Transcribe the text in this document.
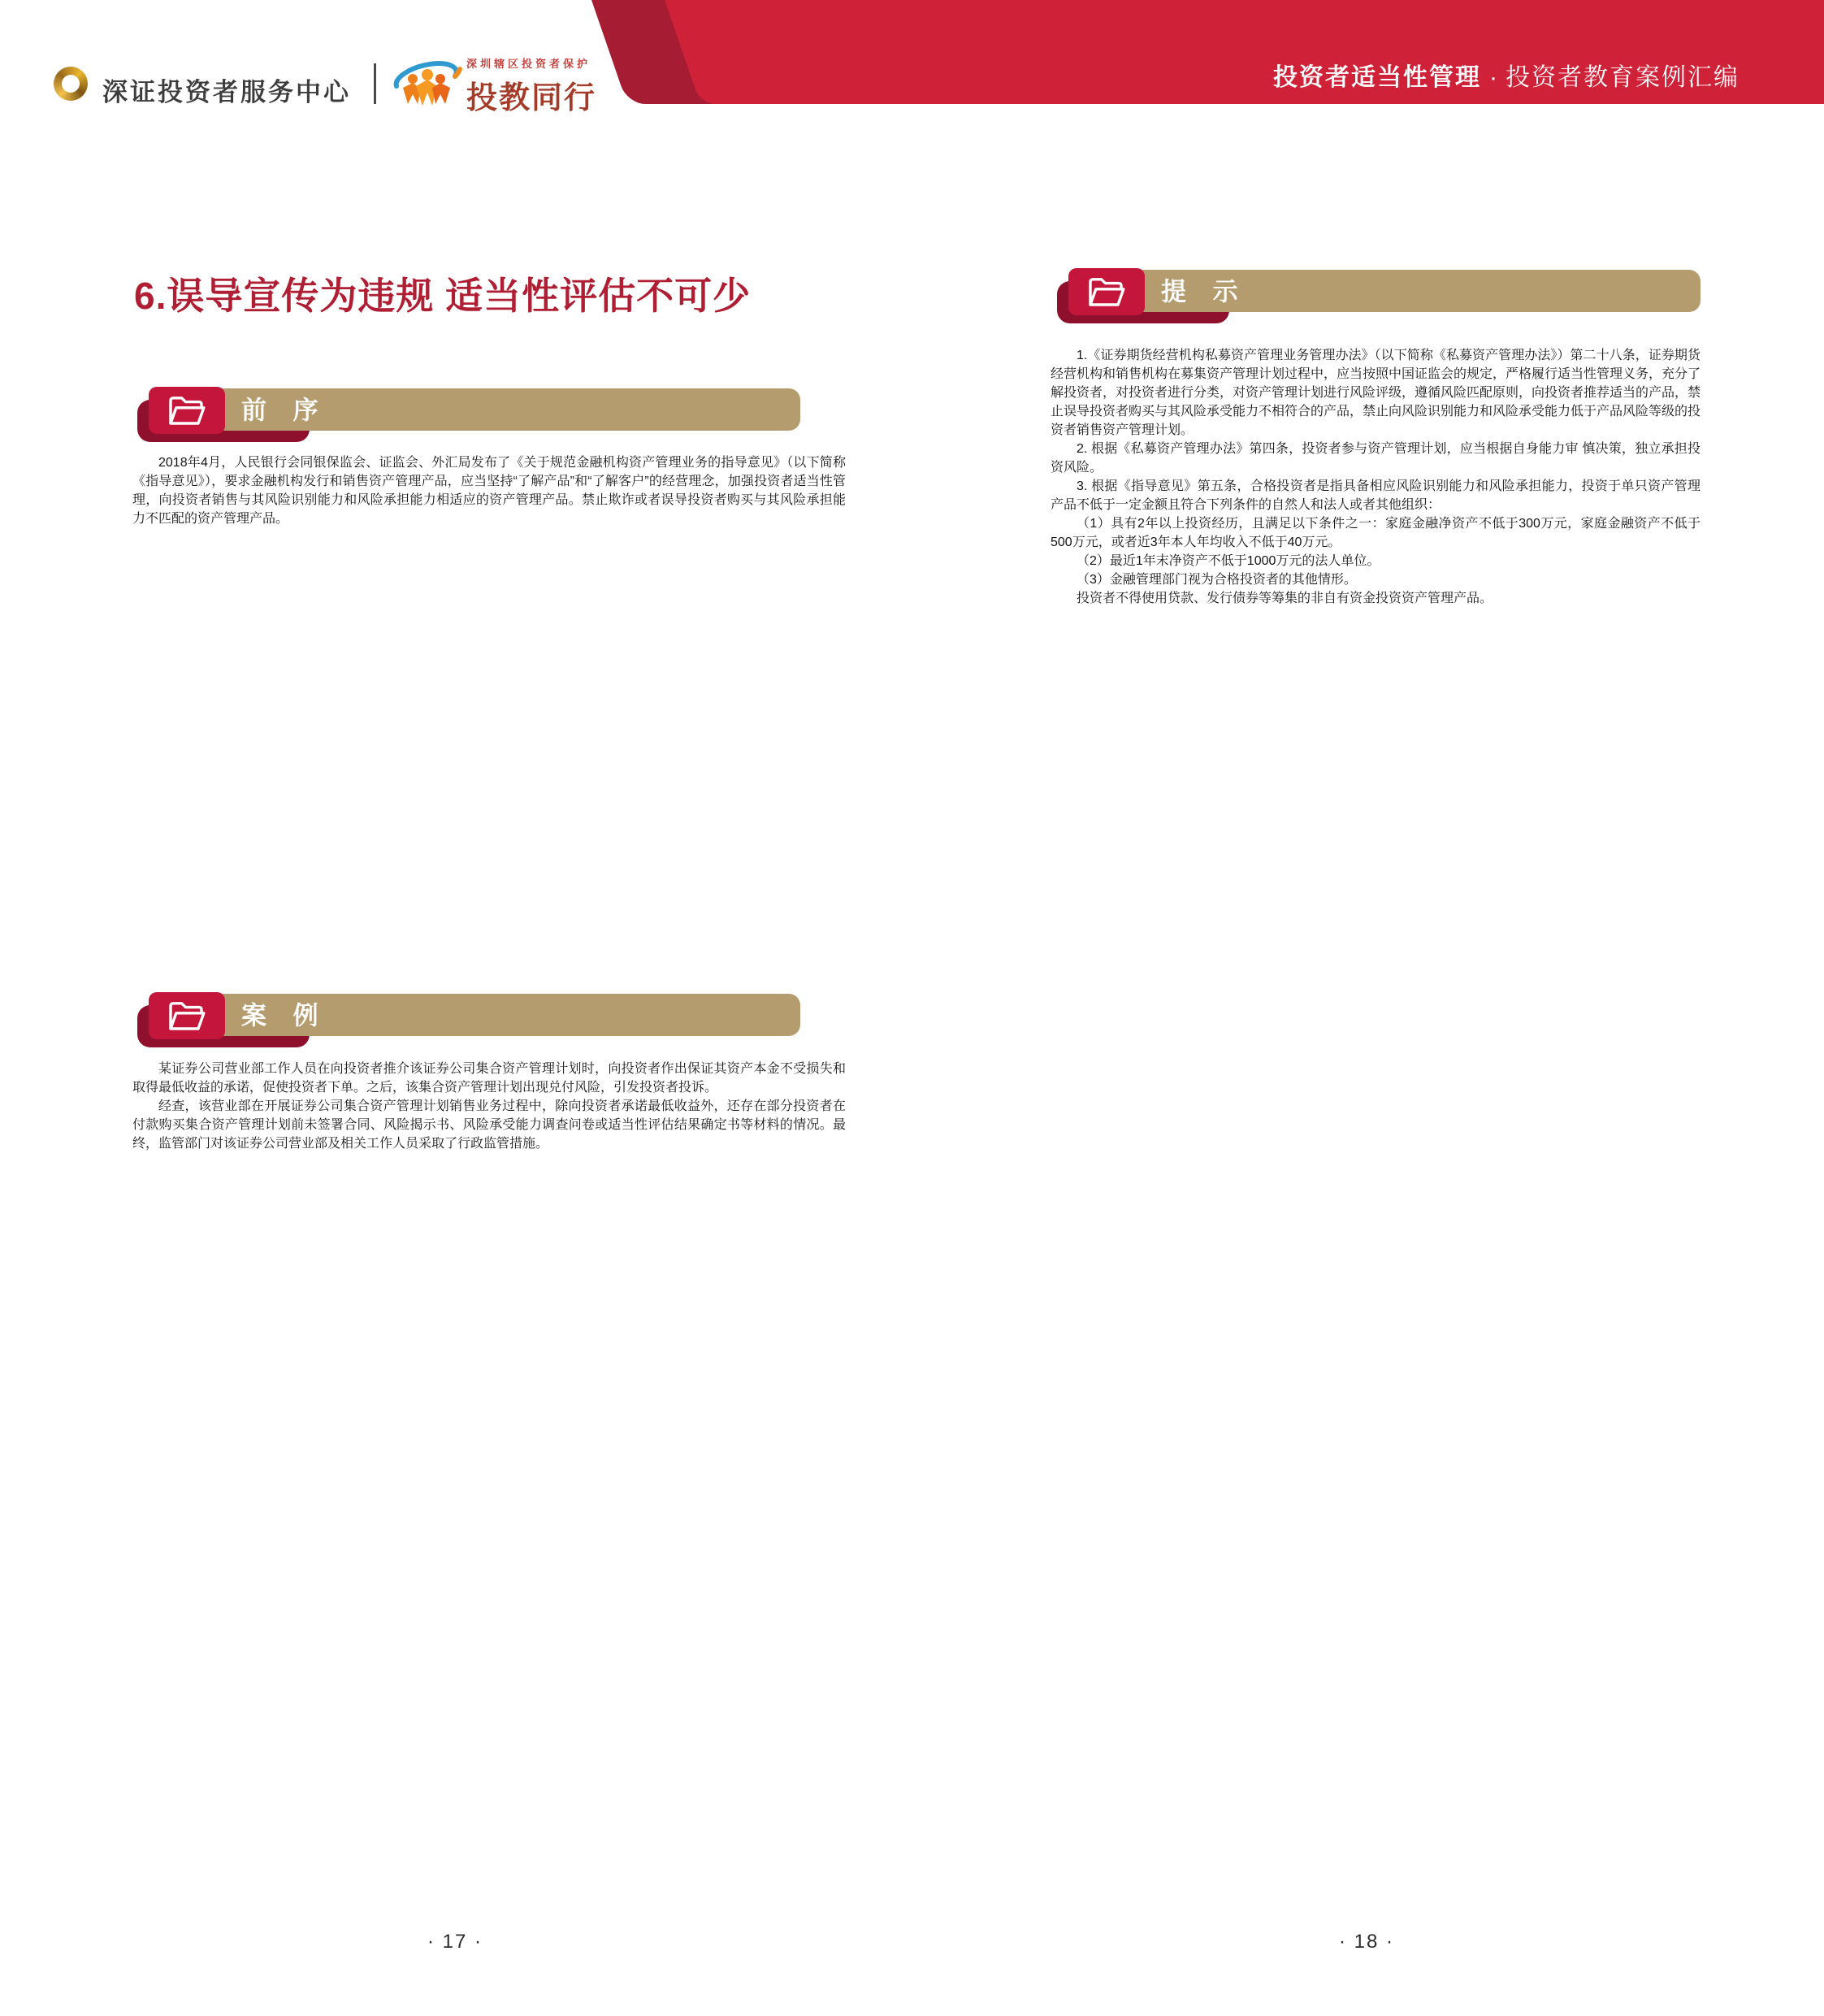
深证投资者服务中心
深圳辖区投资者保护
投教同行
投资者适当性管理 · 投资者教育案例汇编
6.误导宣传为违规 适当性评估不可少
前 序

2018年4月，人民银行会同银保监会、证监会、外汇局发布了《关于规范金融机构资产管理业务的指导意见》（以下简称《指导意见》），要求金融机构发行和销售资产管理产品，应当坚持“了解产品”和“了解客户”的经营理念，加强投资者适当性管理，向投资者销售与其风险识别能力和风险承担能力相适应的资产管理产品。禁止欺诈或者误导投资者购买与其风险承担能力不匹配的资产管理产品。

案 例

某证券公司营业部工作人员在向投资者推介该证券公司集合资产管理计划时，向投资者作出保证其资产本金不受损失和取得最低收益的承诺，促使投资者下单。之后，该集合资产管理计划出现兑付风险，引发投资者投诉。

经查，该营业部在开展证券公司集合资产管理计划销售业务过程中，除向投资者承诺最低收益外，还存在部分投资者在付款购买集合资产管理计划前未签署合同、风险揭示书、风险承受能力调查问卷或适当性评估结果确定书等材料的情况。最终，监管部门对该证券公司营业部及相关工作人员采取了行政监管措施。

· 17 ·
提 示

1.《证券期货经营机构私募资产管理业务管理办法》（以下简称《私募资产管理办法》）第二十八条，证券期货经营机构和销售机构在募集资产管理计划过程中，应当按照中国证监会的规定，严格履行适当性管理义务，充分了解投资者，对投资者进行分类，对资产管理计划进行风险评级，遵循风险匹配原则，向投资者推荐适当的产品，禁止误导投资者购买与其风险承受能力不相符合的产品，禁止向风险识别能力和风险承受能力低于产品风险等级的投资者销售资产管理计划。

2. 根据《私募资产管理办法》第四条，投资者参与资产管理计划，应当根据自身能力审 慎决策，独立承担投资风险。

3. 根据《指导意见》第五条，合格投资者是指具备相应风险识别能力和风险承担能力，投资于单只资产管理产品不低于一定金额且符合下列条件的自然人和法人或者其他组织：

（1）具有2年以上投资经历，且满足以下条件之一：家庭金融净资产不低于300万元，家庭金融资产不低于500万元，或者近3年本人年均收入不低于40万元。

（2）最近1年末净资产不低于1000万元的法人单位。

（3）金融管理部门视为合格投资者的其他情形。

投资者不得使用贷款、发行债券等筹集的非自有资金投资资产管理产品。

· 18 ·
